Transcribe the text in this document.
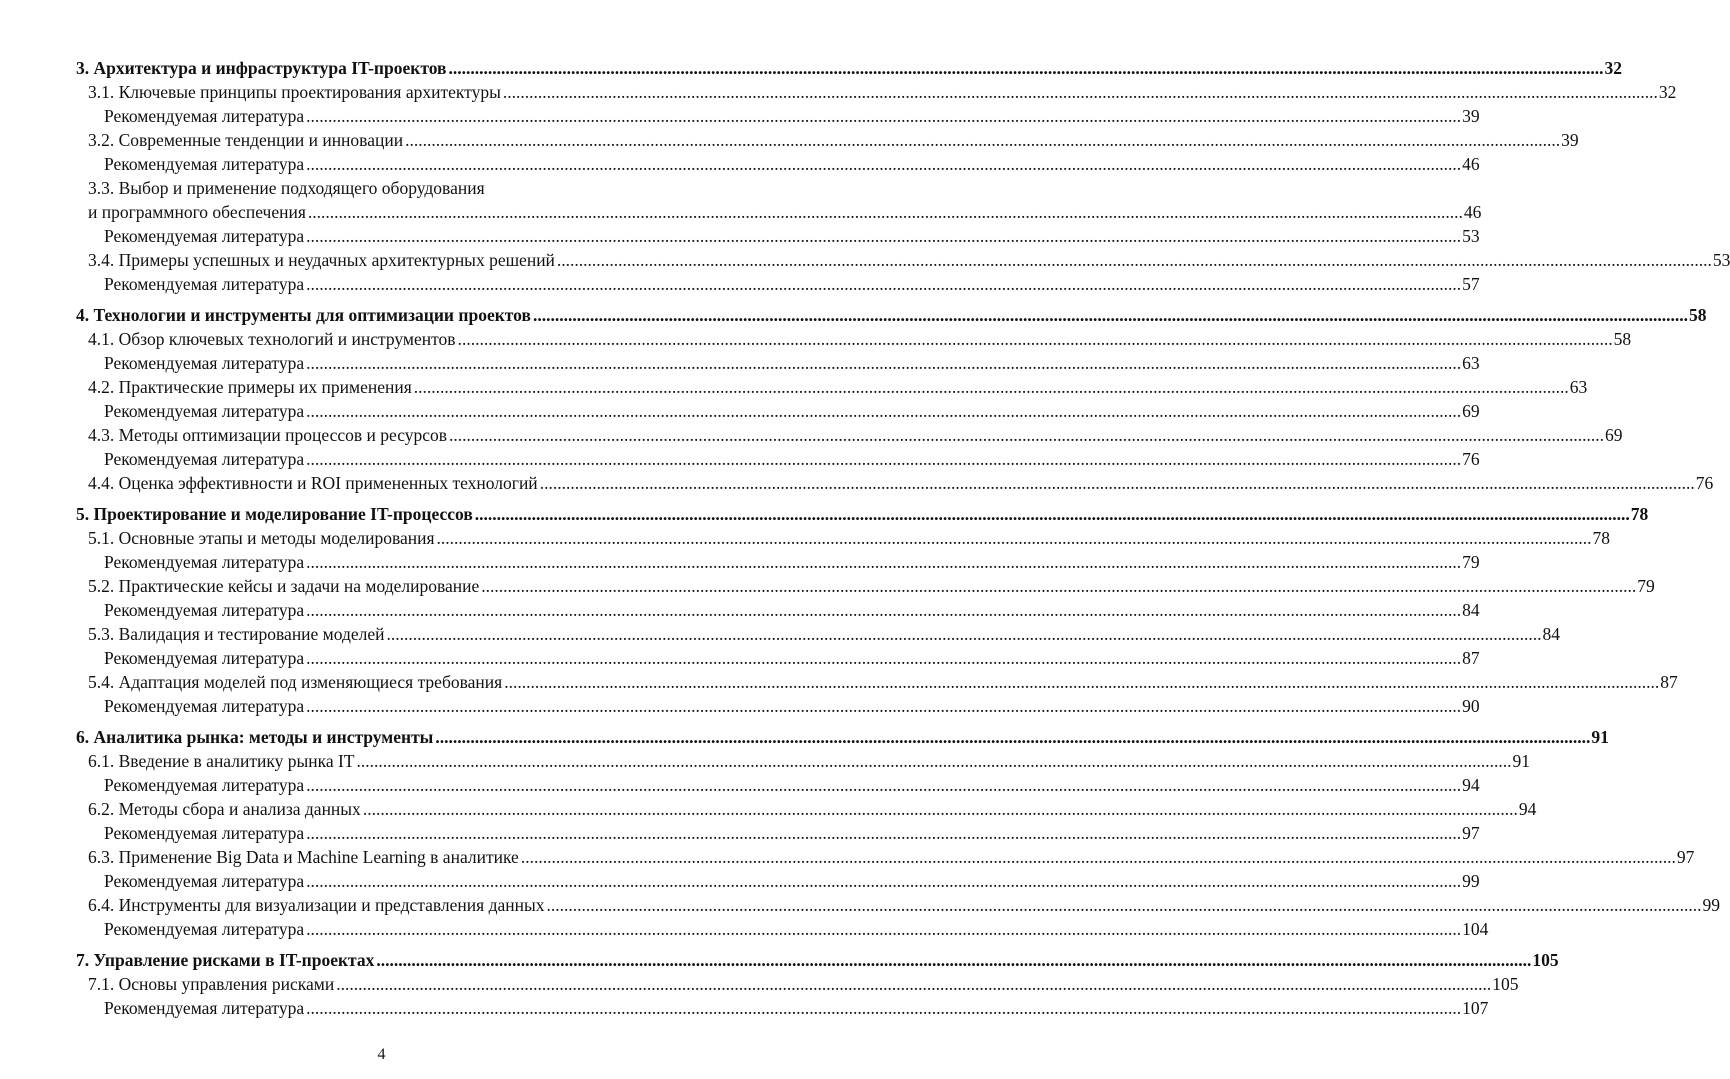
3. Архитектура и инфраструктура IT-проектов .....	32
3.1. Ключевые принципы проектирования архитектуры .....	32
Рекомендуемая литература .....	39
3.2. Современные тенденции и инновации .....	39
Рекомендуемая литература .....	46
3.3. Выбор и применение подходящего оборудования
и программного обеспечения .....	46
Рекомендуемая литература .....	53
3.4. Примеры успешных и неудачных архитектурных решений .....	53
Рекомендуемая литература .....	57
4. Технологии и инструменты для оптимизации проектов .....	58
4.1. Обзор ключевых технологий и инструментов .....	58
Рекомендуемая литература .....	63
4.2. Практические примеры их применения .....	63
Рекомендуемая литература .....	69
4.3. Методы оптимизации процессов и ресурсов .....	69
Рекомендуемая литература .....	76
4.4. Оценка эффективности и ROI примененных технологий .....	76
5. Проектирование и моделирование IT-процессов .....	78
5.1. Основные этапы и методы моделирования .....	78
Рекомендуемая литература .....	79
5.2. Практические кейсы и задачи на моделирование .....	79
Рекомендуемая литература .....	84
5.3. Валидация и тестирование моделей .....	84
Рекомендуемая литература .....	87
5.4. Адаптация моделей под изменяющиеся требования .....	87
Рекомендуемая литература .....	90
6. Аналитика рынка: методы и инструменты .....	91
6.1. Введение в аналитику рынка IT .....	91
Рекомендуемая литература .....	94
6.2. Методы сбора и анализа данных .....	94
Рекомендуемая литература .....	97
6.3. Применение Big Data и Machine Learning в аналитике .....	97
Рекомендуемая литература .....	99
6.4. Инструменты для визуализации и представления данных .....	99
Рекомендуемая литература .....	104
7. Управление рисками в IT-проектах .....	105
7.1. Основы управления рисками .....	105
Рекомендуемая литература .....	107
4
